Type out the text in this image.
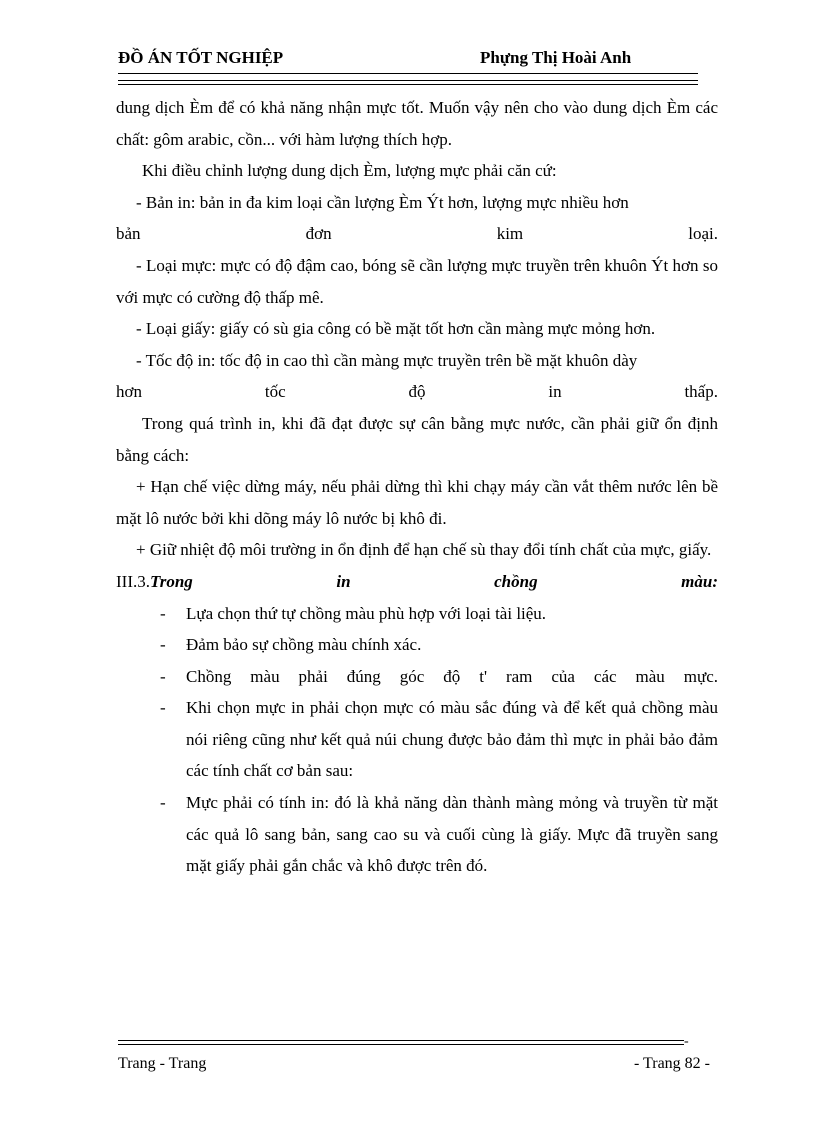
ĐỒ ÁN TỐT NGHIỆP	Phựng Thị Hoài Anh

dung dịch Èm để có khả năng nhận mực tốt. Muốn vậy nên cho vào dung dịch Èm các chất: gôm arabic, cồn... với hàm lượng thích hợp.

Khi điều chỉnh lượng dung dịch Èm, lượng mực phải căn cứ:

- Bản in: bản in đa kim loại cần lượng Èm Ýt hơn, lượng mực nhiều hơn

bản	đơn	kim	loại.

- Loại mực: mực có độ đậm cao, bóng sẽ cần lượng mực truyền trên khuôn Ýt hơn so với mực có cường độ thấp mê.

- Loại giấy: giấy có sù gia công có bề mặt tốt hơn cần màng mực mỏng hơn.

- Tốc độ in: tốc độ in cao thì cần màng mực truyền trên bề mặt khuôn dày

hơn	tốc	độ	in	thấp.

Trong quá trình in, khi đã đạt được sự cân bằng mực nước, cần phải giữ ổn định bằng cách:

+ Hạn chế việc dừng máy, nếu phải dừng thì khi chạy máy cần vắt thêm nước lên bề mặt lô nước bởi khi dõng máy lô nước bị khô đi.

+ Giữ nhiệt độ môi trường in ổn định để hạn chế sù thay đổi tính chất của mực, giấy.

III.3.Trong	in	chồng	màu:

- Lựa chọn thứ tự chồng màu phù hợp với loại tài liệu.
- Đảm bảo sự chồng màu chính xác.
- Chồng màu phải đúng góc độ t' ram của các màu mực.
- Khi chọn mực in phải chọn mực có màu sắc đúng và để kết quả chồng màu nói riêng cũng như kết quả núi chung được bảo đảm thì mực in phải bảo đảm các tính chất cơ bản sau:
- Mực phải có tính in: đó là khả năng dàn thành màng mỏng và truyền từ mặt các quả lô sang bản, sang cao su và cuối cùng là giấy. Mực đã truyền sang mặt giấy phải gắn chắc và khô được trên đó.
-
Trang - Trang	- Trang 82 -
